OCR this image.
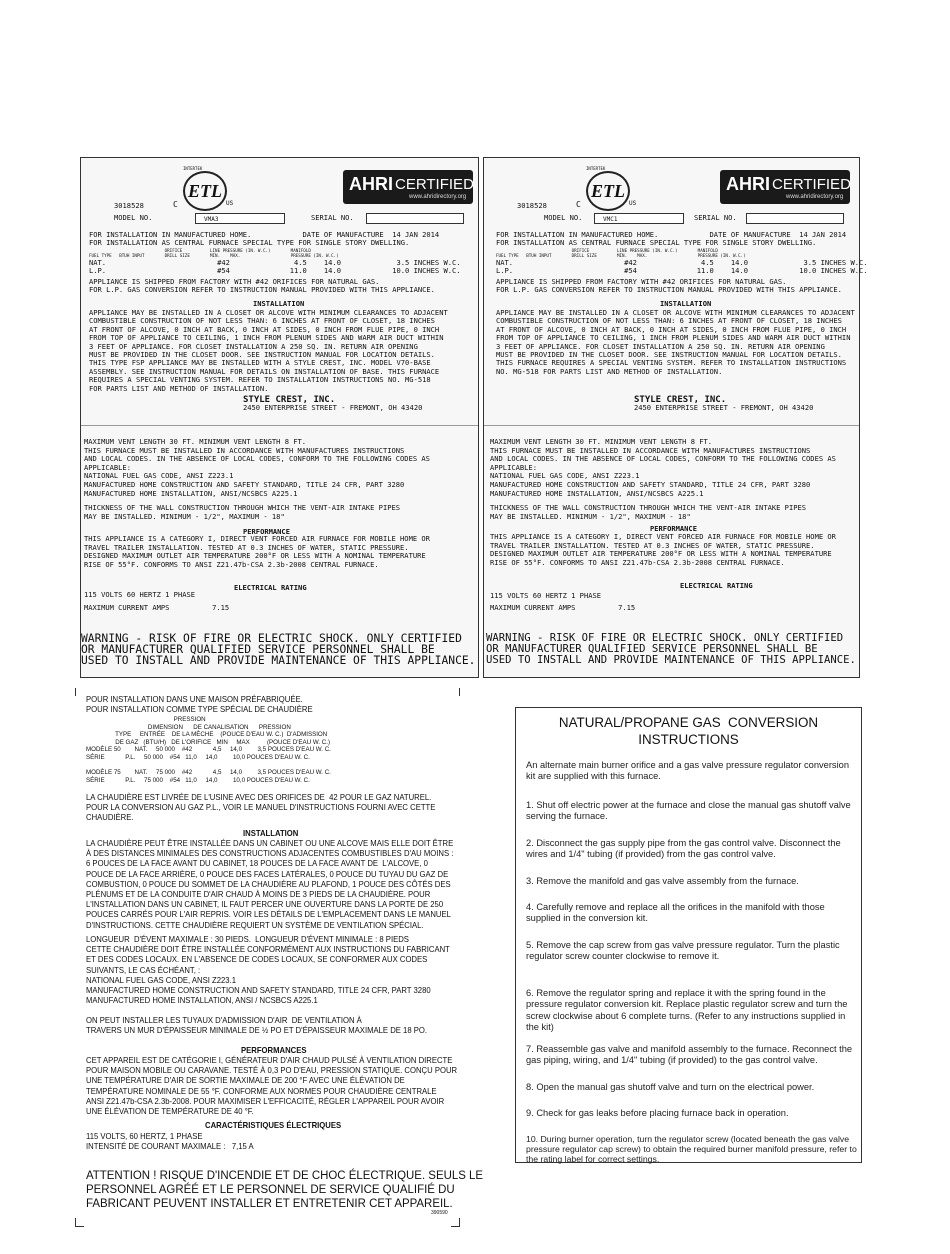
INTERTEK
ETL
C	US
AHRI CERTIFIED
www.ahridirectory.org
3018528
MODEL NO.	VMA3	SERIAL NO.
FOR INSTALLATION IN MANUFACTURED HOME.            DATE OF MANUFACTURE  14 JAN 2014
FOR INSTALLATION AS CENTRAL FURNACE SPECIAL TYPE FOR SINGLE STORY DWELLING.
ORIFICE           LINE PRESSURE (IN. W.C.)        MANIFOLD
FUEL TYPE   BTUH INPUT        DRILL SIZE        MIN.    MAX.                    PRESSURE (IN. W.C.)
NAT.                          #42               4.5    14.0             3.5 INCHES W.C.
L.P.                          #54              11.0    14.0            10.0 INCHES W.C.
APPLIANCE IS SHIPPED FROM FACTORY WITH #42 ORIFICES FOR NATURAL GAS.
FOR L.P. GAS CONVERSION REFER TO INSTRUCTION MANUAL PROVIDED WITH THIS APPLIANCE.
INSTALLATION
APPLIANCE MAY BE INSTALLED IN A CLOSET OR ALCOVE WITH MINIMUM CLEARANCES TO ADJACENT
COMBUSTIBLE CONSTRUCTION OF NOT LESS THAN: 6 INCHES AT FRONT OF CLOSET, 18 INCHES
AT FRONT OF ALCOVE, 0 INCH AT BACK, 0 INCH AT SIDES, 0 INCH FROM FLUE PIPE, 0 INCH
FROM TOP OF APPLIANCE TO CEILING, 1 INCH FROM PLENUM SIDES AND WARM AIR DUCT WITHIN
3 FEET OF APPLIANCE. FOR CLOSET INSTALLATION A 250 SQ. IN. RETURN AIR OPENING
MUST BE PROVIDED IN THE CLOSET DOOR. SEE INSTRUCTION MANUAL FOR LOCATION DETAILS.
THIS TYPE FSP APPLIANCE MAY BE INSTALLED WITH A STYLE CREST, INC. MODEL V70-BASE
ASSEMBLY. SEE INSTRUCTION MANUAL FOR DETAILS ON INSTALLATION OF BASE. THIS FURNACE
REQUIRES A SPECIAL VENTING SYSTEM. REFER TO INSTALLATION INSTRUCTIONS NO. MG-518
FOR PARTS LIST AND METHOD OF INSTALLATION.
STYLE CREST, INC.
2450 ENTERPRISE STREET - FREMONT, OH 43420
MAXIMUM VENT LENGTH 30 FT. MINIMUM VENT LENGTH 8 FT.
THIS FURNACE MUST BE INSTALLED IN ACCORDANCE WITH MANUFACTURES INSTRUCTIONS
AND LOCAL CODES. IN THE ABSENCE OF LOCAL CODES, CONFORM TO THE FOLLOWING CODES AS
APPLICABLE:
NATIONAL FUEL GAS CODE, ANSI Z223.1
MANUFACTURED HOME CONSTRUCTION AND SAFETY STANDARD, TITLE 24 CFR, PART 3280
MANUFACTURED HOME INSTALLATION, ANSI/NCSBCS A225.1
THICKNESS OF THE WALL CONSTRUCTION THROUGH WHICH THE VENT-AIR INTAKE PIPES
MAY BE INSTALLED. MINIMUM - 1/2", MAXIMUM - 18"
PERFORMANCE
THIS APPLIANCE IS A CATEGORY I, DIRECT VENT FORCED AIR FURNACE FOR MOBILE HOME OR
TRAVEL TRAILER INSTALLATION. TESTED AT 0.3 INCHES OF WATER, STATIC PRESSURE.
DESIGNED MAXIMUM OUTLET AIR TEMPERATURE 200°F OR LESS WITH A NOMINAL TEMPERATURE
RISE OF 55°F. CONFORMS TO ANSI Z21.47b-CSA 2.3b-2008 CENTRAL FURNACE.
ELECTRICAL RATING
115 VOLTS 60 HERTZ 1 PHASE
MAXIMUM CURRENT AMPS          7.15
WARNING - RISK OF FIRE OR ELECTRIC SHOCK. ONLY CERTIFIED
OR MANUFACTURER QUALIFIED SERVICE PERSONNEL SHALL BE
USED TO INSTALL AND PROVIDE MAINTENANCE OF THIS APPLIANCE.
INTERTEK
ETL
C	US
AHRI CERTIFIED
www.ahridirectory.org
3018528
MODEL NO.	VMC1	SERIAL NO.
FOR INSTALLATION IN MANUFACTURED HOME.            DATE OF MANUFACTURE  14 JAN 2014
FOR INSTALLATION AS CENTRAL FURNACE SPECIAL TYPE FOR SINGLE STORY DWELLING.
ORIFICE           LINE PRESSURE (IN. W.C.)        MANIFOLD
FUEL TYPE   BTUH INPUT        DRILL SIZE        MIN.    MAX.                    PRESSURE (IN. W.C.)
NAT.                          #42               4.5    14.0             3.5 INCHES W.C.
L.P.                          #54              11.0    14.0            10.0 INCHES W.C.
APPLIANCE IS SHIPPED FROM FACTORY WITH #42 ORIFICES FOR NATURAL GAS.
FOR L.P. GAS CONVERSION REFER TO INSTRUCTION MANUAL PROVIDED WITH THIS APPLIANCE.
INSTALLATION
APPLIANCE MAY BE INSTALLED IN A CLOSET OR ALCOVE WITH MINIMUM CLEARANCES TO ADJACENT
COMBUSTIBLE CONSTRUCTION OF NOT LESS THAN: 6 INCHES AT FRONT OF CLOSET, 18 INCHES
AT FRONT OF ALCOVE, 0 INCH AT BACK, 0 INCH AT SIDES, 0 INCH FROM FLUE PIPE, 0 INCH
FROM TOP OF APPLIANCE TO CEILING, 1 INCH FROM PLENUM SIDES AND WARM AIR DUCT WITHIN
3 FEET OF APPLIANCE. FOR CLOSET INSTALLATION A 250 SQ. IN. RETURN AIR OPENING
MUST BE PROVIDED IN THE CLOSET DOOR. SEE INSTRUCTION MANUAL FOR LOCATION DETAILS.
THIS FURNACE REQUIRES A SPECIAL VENTING SYSTEM. REFER TO INSTALLATION INSTRUCTIONS
NO. MG-518 FOR PARTS LIST AND METHOD OF INSTALLATION.
STYLE CREST, INC.
2450 ENTERPRISE STREET - FREMONT, OH 43420
MAXIMUM VENT LENGTH 30 FT. MINIMUM VENT LENGTH 8 FT.
THIS FURNACE MUST BE INSTALLED IN ACCORDANCE WITH MANUFACTURES INSTRUCTIONS
AND LOCAL CODES. IN THE ABSENCE OF LOCAL CODES, CONFORM TO THE FOLLOWING CODES AS
APPLICABLE:
NATIONAL FUEL GAS CODE, ANSI Z223.1
MANUFACTURED HOME CONSTRUCTION AND SAFETY STANDARD, TITLE 24 CFR, PART 3280
MANUFACTURED HOME INSTALLATION, ANSI/NCSBCS A225.1
THICKNESS OF THE WALL CONSTRUCTION THROUGH WHICH THE VENT-AIR INTAKE PIPES
MAY BE INSTALLED. MINIMUM - 1/2", MAXIMUM - 18"
PERFORMANCE
THIS APPLIANCE IS A CATEGORY I, DIRECT VENT FORCED AIR FURNACE FOR MOBILE HOME OR
TRAVEL TRAILER INSTALLATION. TESTED AT 0.3 INCHES OF WATER, STATIC PRESSURE.
DESIGNED MAXIMUM OUTLET AIR TEMPERATURE 200°F OR LESS WITH A NOMINAL TEMPERATURE
RISE OF 55°F. CONFORMS TO ANSI Z21.47b-CSA 2.3b-2008 CENTRAL FURNACE.
ELECTRICAL RATING
115 VOLTS 60 HERTZ 1 PHASE
MAXIMUM CURRENT AMPS          7.15
WARNING - RISK OF FIRE OR ELECTRIC SHOCK. ONLY CERTIFIED
OR MANUFACTURER QUALIFIED SERVICE PERSONNEL SHALL BE
USED TO INSTALL AND PROVIDE MAINTENANCE OF THIS APPLIANCE.
POUR INSTALLATION DANS UNE MAISON PRÉFABRIQUÉE.
POUR INSTALLATION COMME TYPE SPÉCIAL DE CHAUDIÈRE
PRESSION
DIMENSION      DE CANALISATION      PRESSION
TYPE     ENTRÉE    DE LA MÈCHE    (POUCE D'EAU W. C.)  D'ADMISSION
DE GAZ   (BTU/H)   DE L'ORIFICE   MIN     MAX          (POUCE D'EAU W. C.)
MODÈLE 50        NAT.     50 000    #42            4,5     14,0         3,5 POUCES D'EAU W. C.
SÉRIE            P.L.     50 000    #54   11,0     14,0         10,0 POUCES D'EAU W. C.

MODÈLE 75        NAT.     75 000    #42            4,5     14,0         3,5 POUCES D'EAU W. C.
SÉRIE            P.L.     75 000    #54   11,0     14,0         10,0 POUCES D'EAU W. C.
LA CHAUDIÈRE EST LIVRÉE DE L'USINE AVEC DES ORIFICES DE  42 POUR LE GAZ NATUREL.
POUR LA CONVERSION AU GAZ P.L., VOIR LE MANUEL D'INSTRUCTIONS FOURNI AVEC CETTE
CHAUDIÈRE.
INSTALLATION
LA CHAUDIÈRE PEUT ÊTRE INSTALLÉE DANS UN CABINET OU UNE ALCOVE MAIS ELLE DOIT ÊTRE
À DES DISTANCES MINIMALES DES CONSTRUCTIONS ADJACENTES COMBUSTIBLES D'AU MOINS :
6 POUCES DE LA FACE AVANT DU CABINET, 18 POUCES DE LA FACE AVANT DE  L'ALCOVE, 0
POUCE DE LA FACE ARRIÈRE, 0 POUCE DES FACES LATÉRALES, 0 POUCE DU TUYAU DU GAZ DE
COMBUSTION, 0 POUCE DU SOMMET DE LA CHAUDIÈRE AU PLAFOND, 1 POUCE DES CÔTÉS DES
PLÉNUMS ET DE LA CONDUITE D'AIR CHAUD À MOINS DE 3 PIEDS DE LA CHAUDIÈRE. POUR
L'INSTALLATION DANS UN CABINET, IL FAUT PERCER UNE OUVERTURE DANS LA PORTE DE 250
POUCES CARRÉS POUR L'AIR REPRIS. VOIR LES DÉTAILS DE L'EMPLACEMENT DANS LE MANUEL
D'INSTRUCTIONS. CETTE CHAUDIÈRE REQUIERT UN SYSTÈME DE VENTILATION SPÉCIAL.
LONGUEUR  D'ÉVENT MAXIMALE : 30 PIEDS.  LONGUEUR D'ÉVENT MINIMALE : 8 PIEDS
CETTE CHAUDIÈRE DOIT ÊTRE INSTALLÉE CONFORMÉMENT AUX INSTRUCTIONS DU FABRICANT
ET DES CODES LOCAUX. EN L'ABSENCE DE CODES LOCAUX, SE CONFORMER AUX CODES
SUIVANTS, LE CAS ÉCHÉANT, :
NATIONAL FUEL GAS CODE, ANSI Z223.1
MANUFACTURED HOME CONSTRUCTION AND SAFETY STANDARD, TITLE 24 CFR, PART 3280
MANUFACTURED HOME INSTALLATION, ANSI / NCSBCS A225.1
ON PEUT INSTALLER LES TUYAUX D'ADMISSION D'AIR  DE VENTILATION À
TRAVERS UN MUR D'ÉPAISSEUR MINIMALE DE ½ PO ET D'ÉPAISSEUR MAXIMALE DE 18 PO.
PERFORMANCES
CET APPAREIL EST DE CATÉGORIE I, GÉNÉRATEUR D'AIR CHAUD PULSÉ À VENTILATION DIRECTE
POUR MAISON MOBILE OU CARAVANE. TESTÉ À 0,3 PO D'EAU, PRESSION STATIQUE. CONÇU POUR
UNE TEMPÉRATURE D'AIR DE SORTIE MAXIMALE DE 200 °F AVEC UNE ÉLÉVATION DE
TEMPÉRATURE NOMINALE DE 55 °F. CONFORME AUX NORMES POUR CHAUDIÈRE CENTRALE
ANSI Z21.47b-CSA 2.3b-2008. POUR MAXIMISER L'EFFICACITÉ, RÉGLER L'APPAREIL POUR AVOIR
UNE ÉLÉVATION DE TEMPÉRATURE DE 40 °F.
CARACTÉRISTIQUES ÉLECTRIQUES
115 VOLTS, 60 HERTZ, 1 PHASE
INTENSITÉ DE COURANT MAXIMALE :   7,15 A
ATTENTION ! RISQUE D'INCENDIE ET DE CHOC ÉLECTRIQUE. SEULS LE
PERSONNEL AGRÉÉ ET LE PERSONNEL DE SERVICE QUALIFIÉ DU
FABRICANT PEUVENT INSTALLER ET ENTRETENIR CET APPAREIL.
390590
NATURAL/PROPANE GAS  CONVERSION
INSTRUCTIONS

An alternate main burner orifice and a gas valve pressure regulator conversion kit are supplied with this furnace.

1. Shut off electric power at the furnace and close the manual gas shutoff valve serving the furnace.

2. Disconnect the gas supply pipe from the gas control valve. Disconnect the wires and 1/4" tubing (if provided) from the gas control valve.

3. Remove the manifold and gas valve assembly from the furnace.

4. Carefully remove and replace all the orifices in the manifold with those supplied in the conversion kit.

5. Remove the cap screw from gas valve pressure regulator. Turn the plastic regulator screw counter clockwise to remove it.

6. Remove the regulator spring and replace it with the spring found in the pressure regulator conversion kit. Replace plastic regulator screw and turn the screw clockwise about 6 complete turns. (Refer to any instructions supplied in the kit)

7. Reassemble gas valve and manifold assembly to the furnace. Reconnect the gas piping, wiring, and 1/4" tubing (if provided) to the gas control valve.

8. Open the manual gas shutoff valve and turn on the electrical power.

9. Check for gas leaks before placing furnace back in operation.

10. During burner operation, turn the regulator screw (located beneath the gas valve pressure regulator cap screw) to obtain the required burner manifold pressure, refer to the rating label for correct settings.
